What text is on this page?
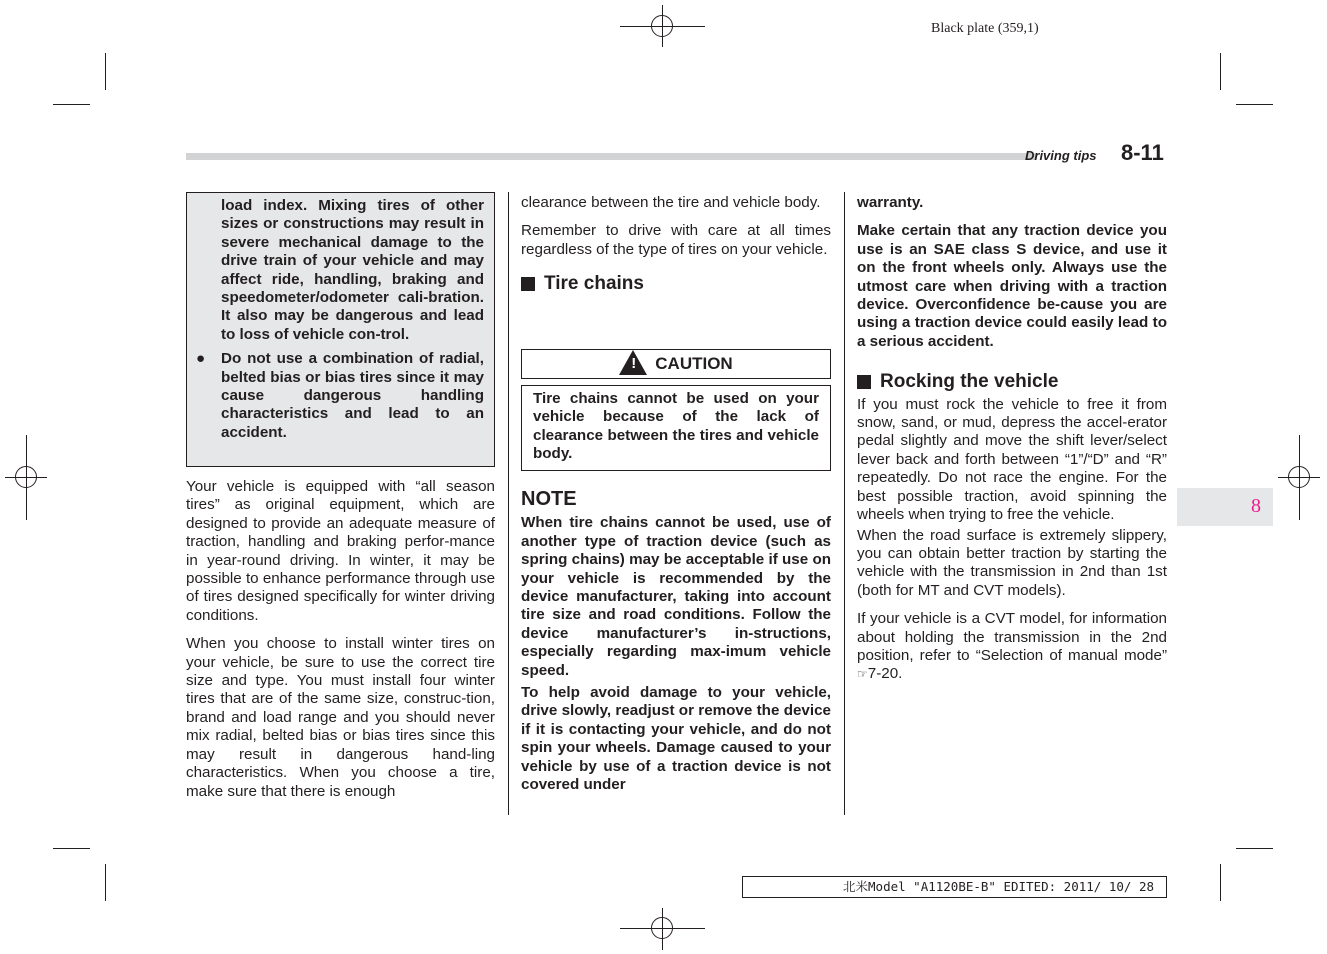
Black plate (359,1)
Driving tips 8-11
8

load index. Mixing tires of other sizes or constructions may result in severe mechanical damage to the drive train of your vehicle and may affect ride, handling, braking and speedometer/odometer cali-bration. It also may be dangerous and lead to loss of vehicle con-trol.

● Do not use a combination of radial, belted bias or bias tires since it may cause dangerous handling characteristics and lead to an accident.

Your vehicle is equipped with “all season tires” as original equipment, which are designed to provide an adequate measure of traction, handling and braking perfor-mance in year-round driving. In winter, it may be possible to enhance performance through use of tires designed specifically for winter driving conditions.

When you choose to install winter tires on your vehicle, be sure to use the correct tire size and type. You must install four winter tires that are of the same size, construc-tion, brand and load range and you should never mix radial, belted bias or bias tires since this may result in dangerous hand-ling characteristics. When you choose a tire, make sure that there is enough

clearance between the tire and vehicle body.

Remember to drive with care at all times regardless of the type of tires on your vehicle.

Tire chains
! CAUTION
Tire chains cannot be used on your vehicle because of the lack of clearance between the tires and vehicle body.
NOTE

When tire chains cannot be used, use of another type of traction device (such as spring chains) may be acceptable if use on your vehicle is recommended by the device manufacturer, taking into account tire size and road conditions. Follow the device manufacturer’s in-structions, especially regarding max-imum vehicle speed.

To help avoid damage to your vehicle, drive slowly, readjust or remove the device if it is contacting your vehicle, and do not spin your wheels. Damage caused to your vehicle by use of a traction device is not covered under

warranty.

Make certain that any traction device you use is an SAE class S device, and use it on the front wheels only. Always use the utmost care when driving with a traction device. Overconfidence be-cause you are using a traction device could easily lead to a serious accident.

Rocking the vehicle

If you must rock the vehicle to free it from snow, sand, or mud, depress the accel-erator pedal slightly and move the shift lever/select lever back and forth between “1”/“D” and “R” repeatedly. Do not race the engine. For the best possible traction, avoid spinning the wheels when trying to free the vehicle.

When the road surface is extremely slippery, you can obtain better traction by starting the vehicle with the transmission in 2nd than 1st (both for MT and CVT models).

If your vehicle is a CVT model, for information about holding the transmission in the 2nd position, refer to “Selection of manual mode” ☞7-20.

北米Model "A1120BE-B" EDITED: 2011/ 10/ 28
